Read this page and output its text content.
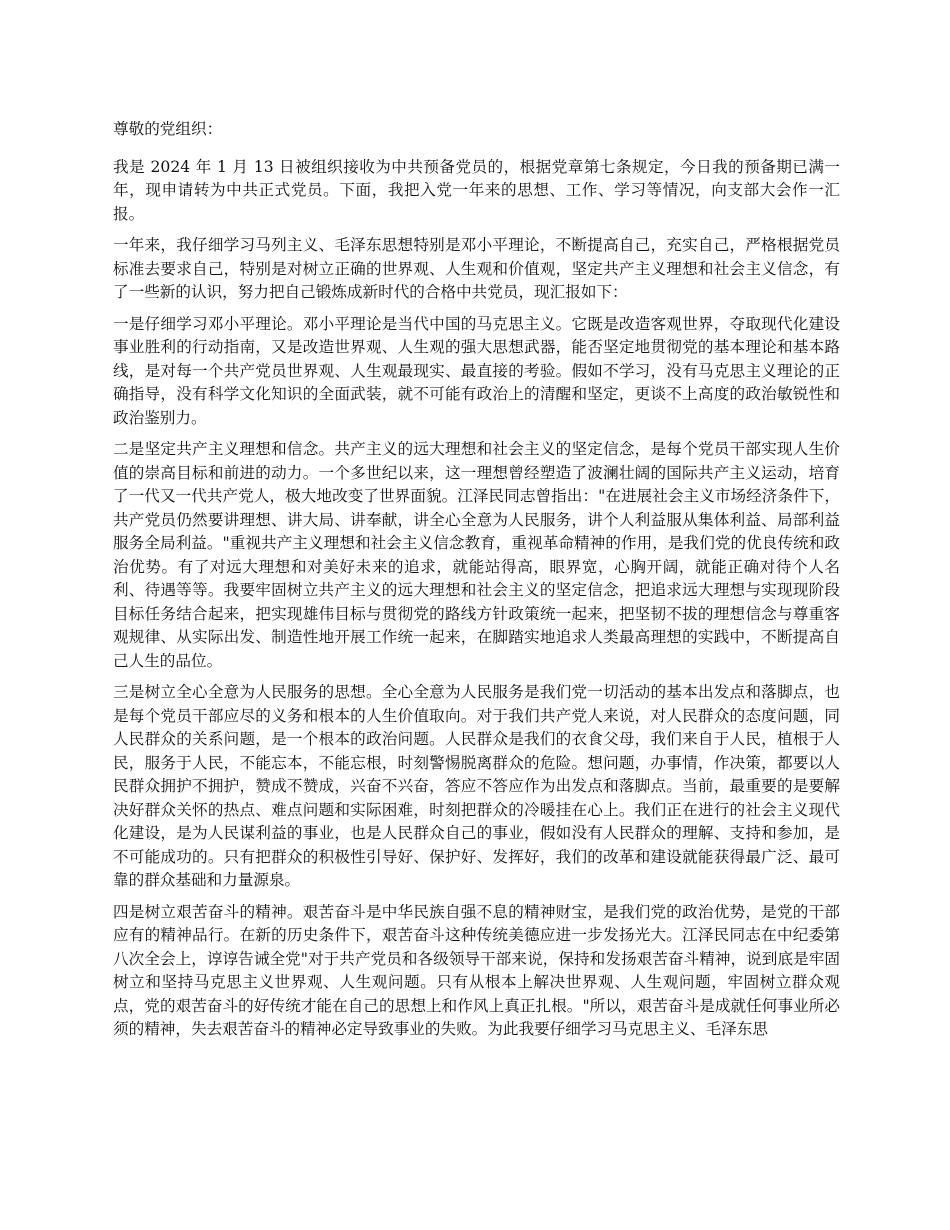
尊敬的党组织：

我是 2024 年 1 月 13 日被组织接收为中共预备党员的，根据党章第七条规定，今日我的预备期已满一年，现申请转为中共正式党员。下面，我把入党一年来的思想、工作、学习等情况，向支部大会作一汇报。

一年来，我仔细学习马列主义、毛泽东思想特别是邓小平理论，不断提高自己，充实自己，严格根据党员标准去要求自己，特别是对树立正确的世界观、人生观和价值观，坚定共产主义理想和社会主义信念，有了一些新的认识，努力把自己锻炼成新时代的合格中共党员，现汇报如下：

一是仔细学习邓小平理论。邓小平理论是当代中国的马克思主义。它既是改造客观世界，夺取现代化建设事业胜利的行动指南，又是改造世界观、人生观的强大思想武器，能否坚定地贯彻党的基本理论和基本路线，是对每一个共产党员世界观、人生观最现实、最直接的考验。假如不学习，没有马克思主义理论的正确指导，没有科学文化知识的全面武装，就不可能有政治上的清醒和坚定，更谈不上高度的政治敏锐性和政治鉴别力。

二是坚定共产主义理想和信念。共产主义的远大理想和社会主义的坚定信念，是每个党员干部实现人生价值的崇高目标和前进的动力。一个多世纪以来，这一理想曾经塑造了波澜壮阔的国际共产主义运动，培育了一代又一代共产党人，极大地改变了世界面貌。江泽民同志曾指出："在进展社会主义市场经济条件下，共产党员仍然要讲理想、讲大局、讲奉献，讲全心全意为人民服务，讲个人利益服从集体利益、局部利益服务全局利益。"重视共产主义理想和社会主义信念教育，重视革命精神的作用，是我们党的优良传统和政治优势。有了对远大理想和对美好未来的追求，就能站得高，眼界宽，心胸开阔，就能正确对待个人名利、待遇等等。我要牢固树立共产主义的远大理想和社会主义的坚定信念，把追求远大理想与实现现阶段目标任务结合起来，把实现雄伟目标与贯彻党的路线方针政策统一起来，把坚韧不拔的理想信念与尊重客观规律、从实际出发、制造性地开展工作统一起来，在脚踏实地追求人类最高理想的实践中，不断提高自己人生的品位。

三是树立全心全意为人民服务的思想。全心全意为人民服务是我们党一切活动的基本出发点和落脚点，也是每个党员干部应尽的义务和根本的人生价值取向。对于我们共产党人来说，对人民群众的态度问题，同人民群众的关系问题，是一个根本的政治问题。人民群众是我们的衣食父母，我们来自于人民，植根于人民，服务于人民，不能忘本，不能忘根，时刻警惕脱离群众的危险。想问题，办事情，作决策，都要以人民群众拥护不拥护，赞成不赞成，兴奋不兴奋，答应不答应作为出发点和落脚点。当前，最重要的是要解决好群众关怀的热点、难点问题和实际困难，时刻把群众的冷暖挂在心上。我们正在进行的社会主义现代化建设，是为人民谋利益的事业，也是人民群众自己的事业，假如没有人民群众的理解、支持和参加，是不可能成功的。只有把群众的积极性引导好、保护好、发挥好，我们的改革和建设就能获得最广泛、最可靠的群众基础和力量源泉。

四是树立艰苦奋斗的精神。艰苦奋斗是中华民族自强不息的精神财宝，是我们党的政治优势，是党的干部应有的精神品行。在新的历史条件下，艰苦奋斗这种传统美德应进一步发扬光大。江泽民同志在中纪委第八次全会上，谆谆告诫全党"对于共产党员和各级领导干部来说，保持和发扬艰苦奋斗精神，说到底是牢固树立和坚持马克思主义世界观、人生观问题。只有从根本上解决世界观、人生观问题，牢固树立群众观点，党的艰苦奋斗的好传统才能在自己的思想上和作风上真正扎根。"所以，艰苦奋斗是成就任何事业所必须的精神，失去艰苦奋斗的精神必定导致事业的失败。为此我要仔细学习马克思主义、毛泽东思
